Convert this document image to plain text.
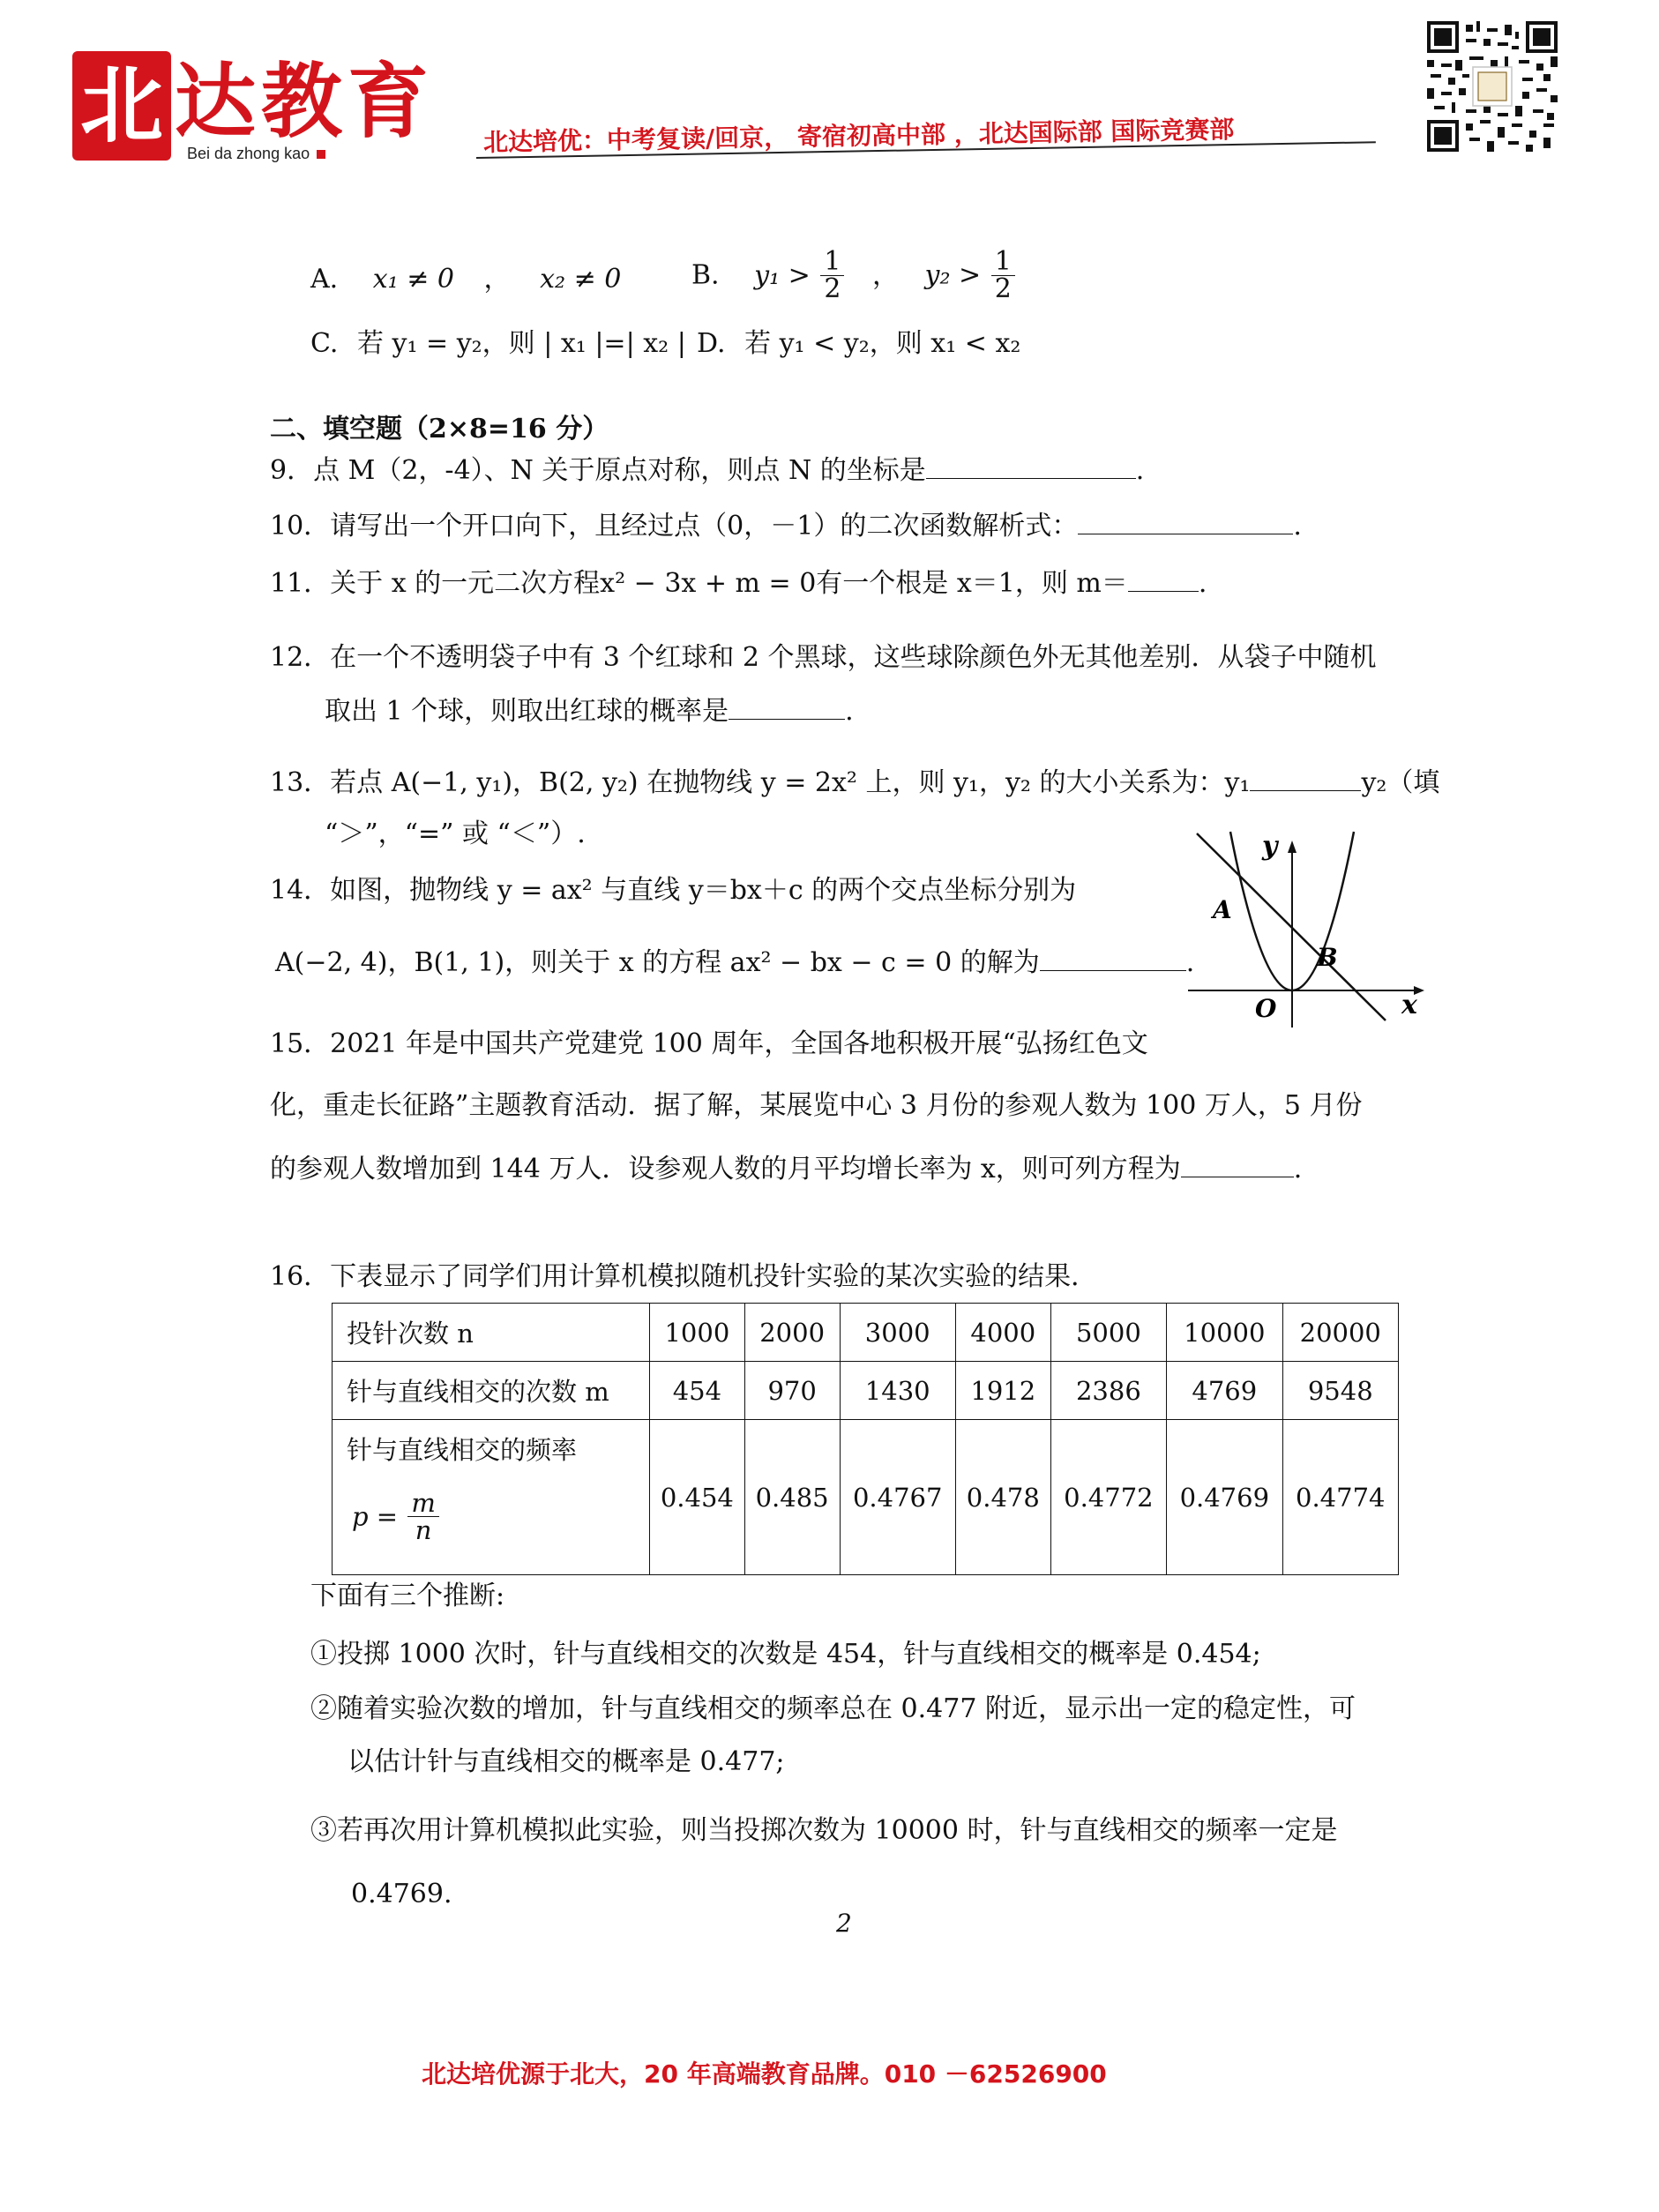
北 达教育
Bei da zhong kao	北达培优：中考复读/回京， 寄宿初高中部 ，北达国际部 国际竞赛部
A. x₁ ≠ 0 ， x₂ ≠ 0	B. $y_1 > \frac{1}{2}$ ， $y_2 > \frac{1}{2}$
C. 若 y₁ = y₂，则 | x₁ |=| x₂ | D. 若 y₁ < y₂，则 x₁ < x₂
二、填空题（2×8=16 分）
9．点 M（2，-4）、N 关于原点对称，则点 N 的坐标是	.
10．请写出一个开口向下，且经过点（0，－1）的二次函数解析式：	.
11．关于 x 的一元二次方程x² − 3x + m = 0有一个根是 x＝1，则 m＝	.
12．在一个不透明袋子中有 3 个红球和 2 个黑球，这些球除颜色外无其他差别．从袋子中随机
取出 1 个球，则取出红球的概率是	.
13．若点 A(−1, y₁)，B(2, y₂) 在抛物线 y = 2x² 上，则 y₁，y₂ 的大小关系为：y₁	y₂（填
“＞”，“=” 或 “＜”）.
14．如图，抛物线 y = ax² 与直线 y＝bx＋c 的两个交点坐标分别为
A(−2, 4)，B(1, 1)，则关于 x 的方程 ax² − bx − c = 0 的解为	.
y
x
A
B
O
15．2021 年是中国共产党建党 100 周年，全国各地积极开展“弘扬红色文
化，重走长征路”主题教育活动．据了解，某展览中心 3 月份的参观人数为 100 万人，5 月份
的参观人数增加到 144 万人．设参观人数的月平均增长率为 x，则可列方程为	.
16．下表显示了同学们用计算机模拟随机投针实验的某次实验的结果．
投针次数 n	1000	2000	3000	4000	5000	10000	20000
针与直线相交的次数 m	454	970	1430	1912	2386	4769	9548

针与直线相交的频率
$p = \frac{m}{n}$	0.454	0.485	0.4767	0.478	0.4772	0.4769	0.4774
下面有三个推断:
①投掷 1000 次时，针与直线相交的次数是 454，针与直线相交的概率是 0.454;
②随着实验次数的增加，针与直线相交的频率总在 0.477 附近，显示出一定的稳定性，可
以估计针与直线相交的概率是 0.477;
③若再次用计算机模拟此实验，则当投掷次数为 10000 时，针与直线相交的频率一定是
0.4769.
2
北达培优源于北大，20 年高端教育品牌。010 －62526900
